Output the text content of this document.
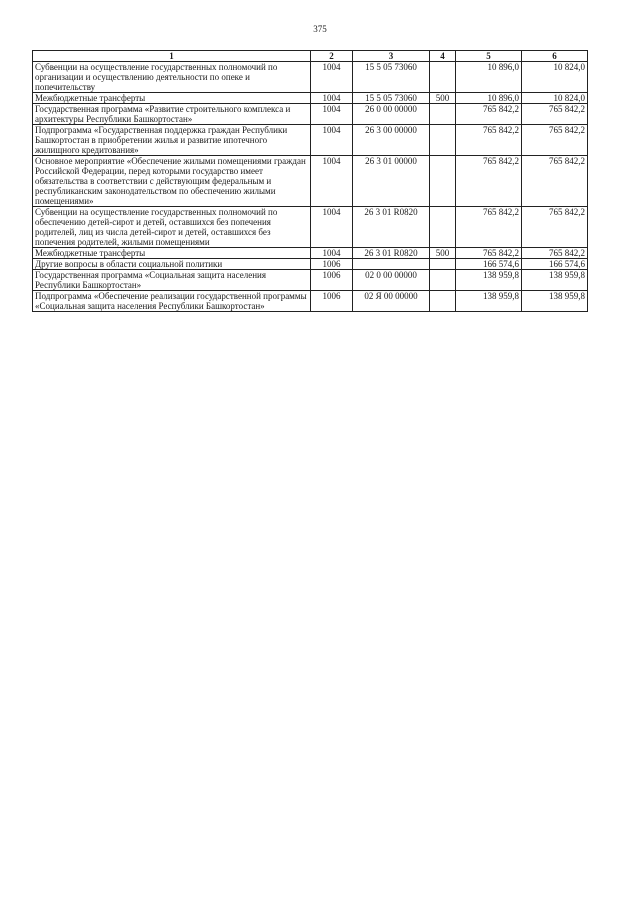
375
1	2	3	4	5	6
Субвенции на осуществление государственных полномочий по организации и осуществлению деятельности по опеке и попечительству	1004	15 5 05 73060		10 896,0	10 824,0
Межбюджетные трансферты	1004	15 5 05 73060	500	10 896,0	10 824,0
Государственная программа «Развитие строительного комплекса и архитектуры Республики Башкортостан»	1004	26 0 00 00000		765 842,2	765 842,2
Подпрограмма «Государственная поддержка граждан Республики Башкортостан в приобретении жилья и развитие ипотечного жилищного кредитования»	1004	26 3 00 00000		765 842,2	765 842,2
Основное мероприятие «Обеспечение жилыми помещениями граждан Российской Федерации, перед которыми государство имеет обязательства в соответствии с действующим федеральным и республиканским законодательством по обеспечению жилыми помещениями»	1004	26 3 01 00000		765 842,2	765 842,2
Субвенции на осуществление государственных полномочий по обеспечению детей-сирот и детей, оставшихся без попечения родителей, лиц из числа детей-сирот и детей, оставшихся без попечения родителей, жилыми помещениями	1004	26 3 01 R0820		765 842,2	765 842,2
Межбюджетные трансферты	1004	26 3 01 R0820	500	765 842,2	765 842,2
Другие вопросы в области социальной политики	1006			166 574,6	166 574,6
Государственная программа «Социальная защита населения Республики Башкортостан»	1006	02 0 00 00000		138 959,8	138 959,8
Подпрограмма «Обеспечение реализации государственной программы «Социальная защита населения Республики Башкортостан»	1006	02 Я 00 00000		138 959,8	138 959,8
